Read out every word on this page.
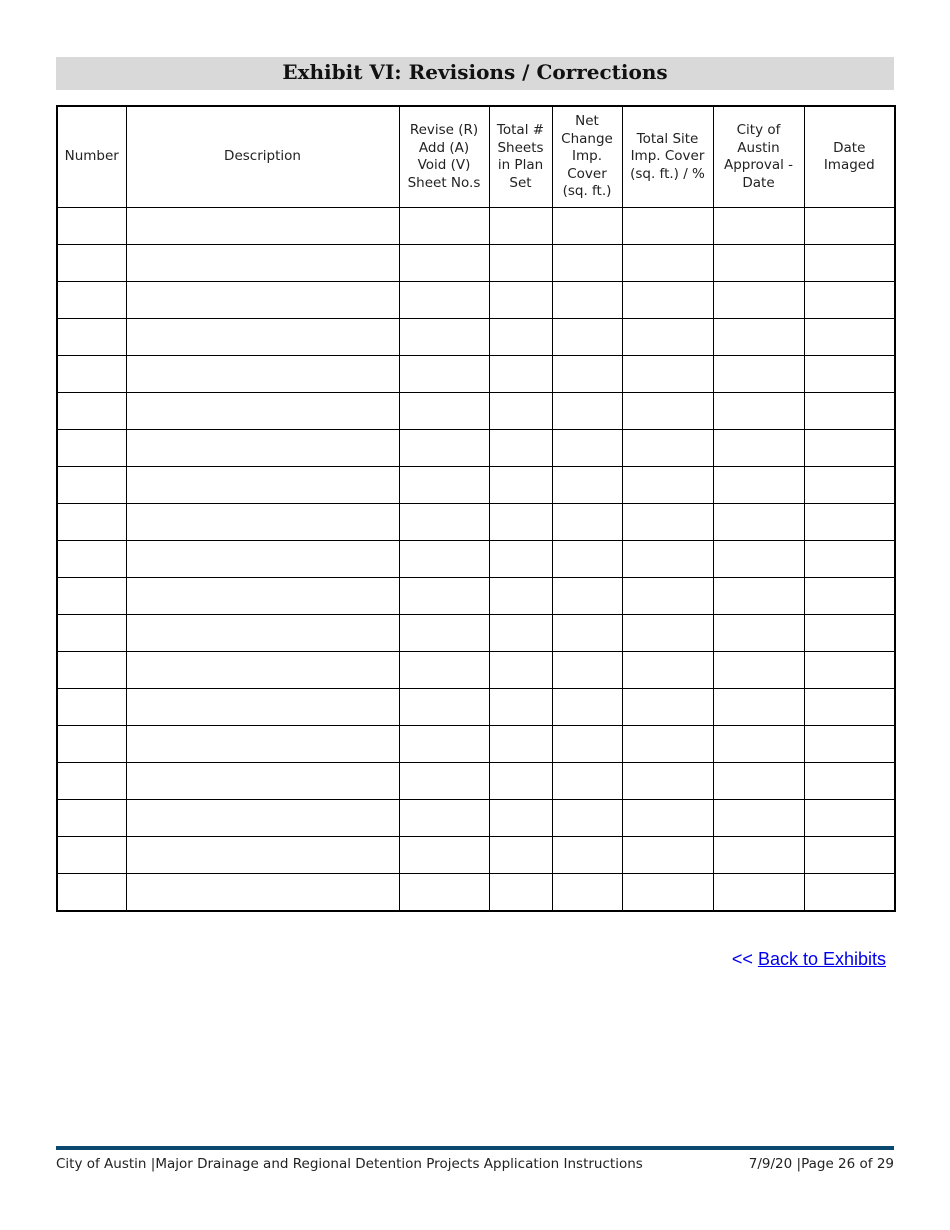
Exhibit VI: Revisions / Corrections
Number	Description	Revise (R)
Add (A)
Void (V)
Sheet No.s	Total #
Sheets
in Plan
Set	Net
Change
Imp.
Cover
(sq. ft.)	Total Site
Imp. Cover
(sq. ft.) / %	City of
Austin
Approval -
Date	Date
Imaged

<< Back to Exhibits
City of Austin |Major Drainage and Regional Detention Projects Application Instructions	7/9/20 |Page 26 of 29
